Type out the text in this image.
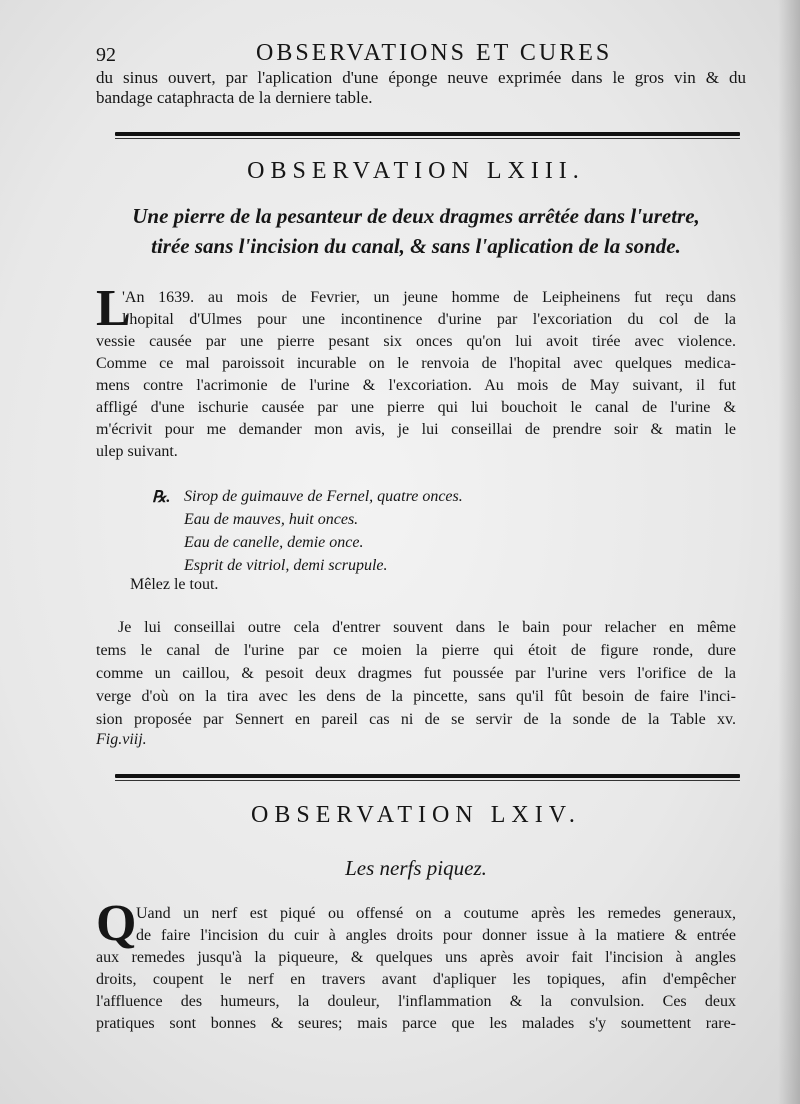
92	OBSERVATIONS ET CURES
du sinus ouvert, par l'aplication d'une éponge neuve exprimée dans le gros vin & du
bandage cataphracta de la derniere table.
OBSERVATION LXIII.
Une pierre de la pesanteur de deux dragmes arrêtée dans l'uretre,
tirée sans l'incision du canal, & sans l'aplication de la sonde.
L
'An 1639. au mois de Fevrier, un jeune homme de Leipheinens fut reçu dans
l'hopital d'Ulmes pour une incontinence d'urine par l'excoriation du col de la
vessie causée par une pierre pesant six onces qu'on lui avoit tirée avec violence.
Comme ce mal paroissoit incurable on le renvoia de l'hopital avec quelques medica-
mens contre l'acrimonie de l'urine & l'excoriation. Au mois de May suivant, il fut
affligé d'une ischurie causée par une pierre qui lui bouchoit le canal de l'urine &
m'écrivit pour me demander mon avis, je lui conseillai de prendre soir & matin le
ulep suivant.
℞. Sirop de guimauve de Fernel, quatre onces.
Eau de mauves, huit onces.
Eau de canelle, demie once.
Esprit de vitriol, demi scrupule.
Mêlez le tout.
Je lui conseillai outre cela d'entrer souvent dans le bain pour relacher en même
tems le canal de l'urine par ce moien la pierre qui étoit de figure ronde, dure
comme un caillou, & pesoit deux dragmes fut poussée par l'urine vers l'orifice de la
verge d'où on la tira avec les dens de la pincette, sans qu'il fût besoin de faire l'inci-
sion proposée par Sennert en pareil cas ni de se servir de la sonde de la Table xv.
Fig.viij.
OBSERVATION LXIV.
Les nerfs piquez.
Q Uand un nerf est piqué ou offensé on a coutume après les remedes generaux,
de faire l'incision du cuir à angles droits pour donner issue à la matiere & entrée
aux remedes jusqu'à la piqueure, & quelques uns après avoir fait l'incision à angles
droits, coupent le nerf en travers avant d'apliquer les topiques, afin d'empêcher
l'affluence des humeurs, la douleur, l'inflammation & la convulsion. Ces deux
pratiques sont bonnes & seures; mais parce que les malades s'y soumettent rare-
